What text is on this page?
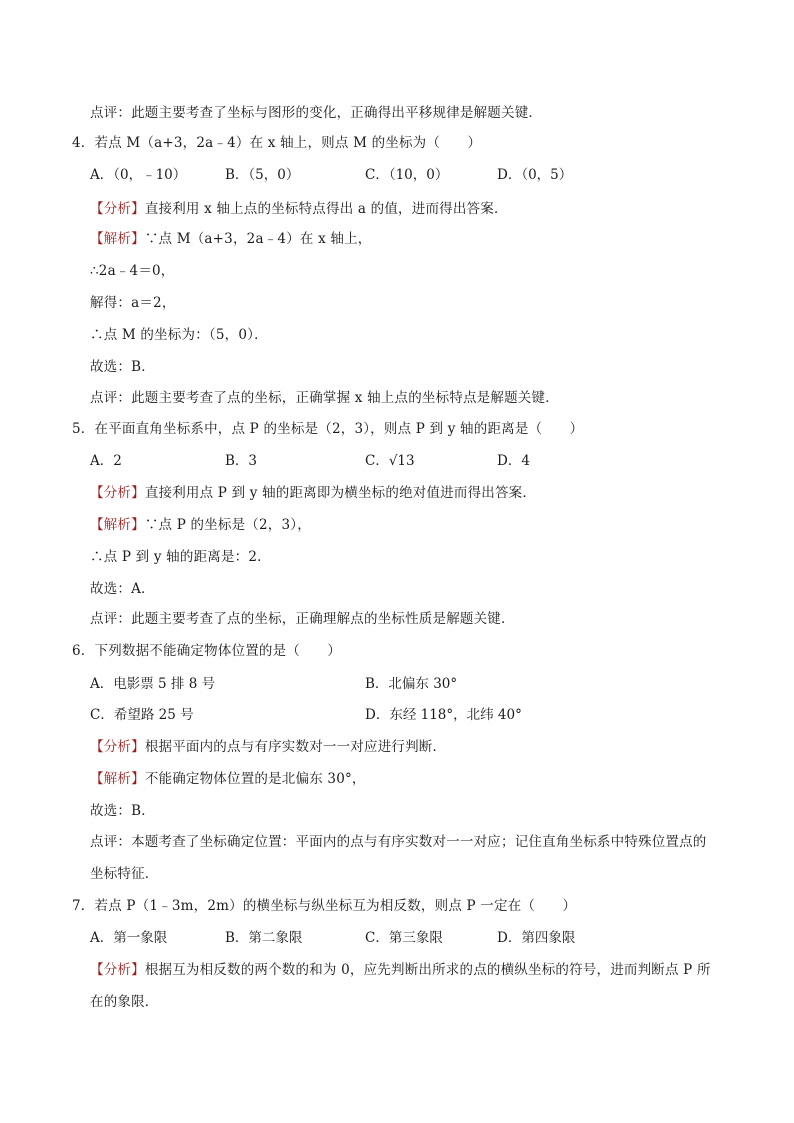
点评：此题主要考查了坐标与图形的变化，正确得出平移规律是解题关键．
4．若点 M（a+3，2a﹣4）在 x 轴上，则点 M 的坐标为（　　）
【分析】直接利用 x 轴上点的坐标特点得出 a 的值，进而得出答案．
【解析】∵点 M（a+3，2a﹣4）在 x 轴上，
∴2a﹣4＝0，
解得：a＝2，
∴点 M 的坐标为：（5，0）．
故选：B．
点评：此题主要考查了点的坐标，正确掌握 x 轴上点的坐标特点是解题关键．
5．在平面直角坐标系中，点 P 的坐标是（2，3），则点 P 到 y 轴的距离是（　　）
【分析】直接利用点 P 到 y 轴的距离即为横坐标的绝对值进而得出答案．
【解析】∵点 P 的坐标是（2，3），
∴点 P 到 y 轴的距离是：2．
故选：A．
点评：此题主要考查了点的坐标，正确理解点的坐标性质是解题关键．
6．下列数据不能确定物体位置的是（　　）
【分析】根据平面内的点与有序实数对一一对应进行判断．
【解析】不能确定物体位置的是北偏东 30°，
故选：B．
点评：本题考查了坐标确定位置：平面内的点与有序实数对一一对应；记住直角坐标系中特殊位置点的
坐标特征．
7．若点 P（1﹣3m，2m）的横坐标与纵坐标互为相反数，则点 P 一定在（　　）
【分析】根据互为相反数的两个数的和为 0，应先判断出所求的点的横纵坐标的符号，进而判断点 P 所
在的象限．
A．（0，﹣10）	B．（5，0）	C．（10，0）	D．（0，5）
A．2	B．3	C．√13	D．4
A．电影票 5 排 8 号	B．北偏东 30°
C．希望路 25 号	D．东经 118°，北纬 40°
A．第一象限	B．第二象限	C．第三象限	D．第四象限
